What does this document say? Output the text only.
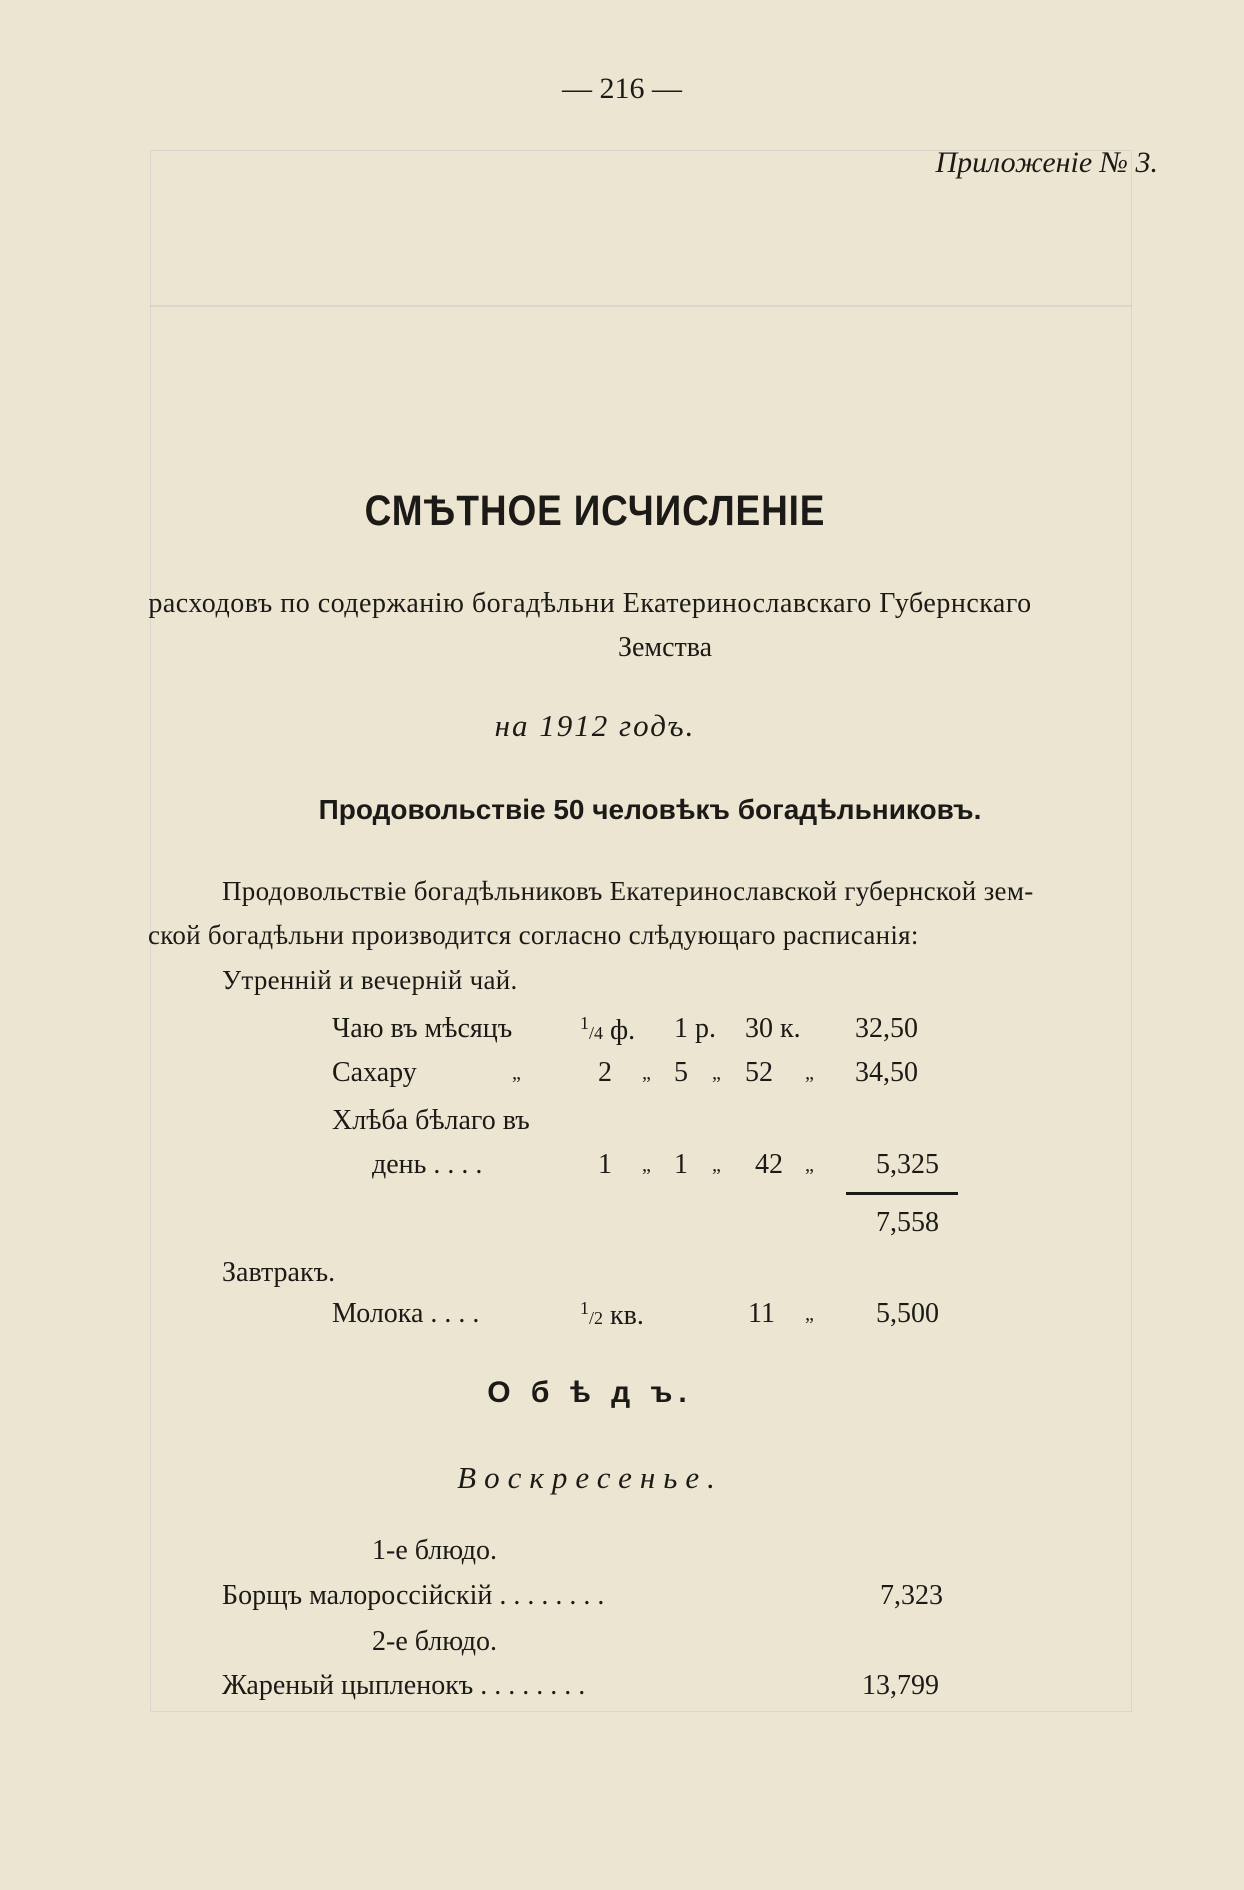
— 216 —
Приложеніе № 3.
СМѢТНОЕ ИСЧИСЛЕНІЕ
расходовъ по содержанію богадѣльни Екатеринославскаго Губернскаго
Земства
на 1912 годъ.
Продовольствіе 50 человѣкъ богадѣльниковъ.
Продовольствіе богадѣльниковъ Екатеринославской губернской зем-
ской богадѣльни производится согласно слѣдующаго расписанія:
Утренній и вечерній чай.
Чаю въ мѣсяцъ	$^1$/4 ф. 1 р. 30 к. 32,50
Сахару	„	2 „ 5 „ 52 „ 34,50
Хлѣба бѣлаго въ
день . . . .	1 „ 1 „ 42 „ 5,325
7,558
Завтракъ.
Молока . . . .	$^1$/2 кв.	11 „ 5,500
О б ѣ д ъ.
Воскресенье.
1-е блюдо.
Борщъ малороссійскій . . . . . . . .	7,323
2-е блюдо.
Жареный цыпленокъ . . . . . . . .	13,799
